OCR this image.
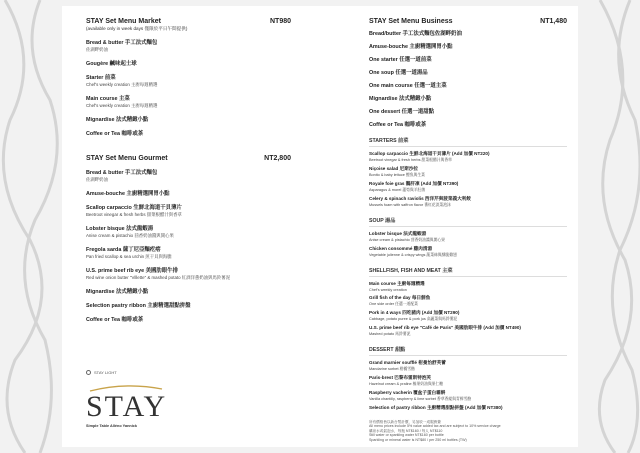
STAY Set Menu Market	NT980
(available only in week days 僅限於平日午間提供)
Bread & butter 手工法式麵包
佐湖畔奶油
Gougère 鹹味起士球
Starter 前菜
Chef's weekly creation 主廚每週精選
Main course 主菜
Chef's weekly creation 主廚每週精選
Mignardise 法式精緻小點
Coffee or Tea 咖啡或茶
STAY Set Menu Gourmet	NT2,800
Bread & butter 手工法式麵包
佐湖畔奶油
Amuse-bouche 主廚精選開胃小點
Scallop carpaccio 生鮮北海道干貝薄片
Beetroot vinegar & fresh herbs 甜菜根醋汁與香草
Lobster bisque 法式龍蝦湯
Anise cream & pistachio 茴香奶油醬與開心果
Fregola sarda 薩丁尼亞麵疙瘩
Pan fried scallop & sea urchin 煎干貝與海膽
U.S. prime beef rib eye 美國肋眼牛排
Red wine onion butter "Villette" & mashed potato 紅酒洋蔥奶油與馬鈴薯泥
Mignardise 法式精緻小點
Selection pastry ribbon 主廚精選甜點拼盤
Coffee or Tea 咖啡或茶
STAY LIGHT
STAY
Simple Table Alléno Yannick
STAY Set Menu Business	NT1,480
Bread/butter 手工法式麵包佐湖畔奶油
Amuse-bouche 主廚精選開胃小點
One starter 任選一道前菜
One soup 任選一道湯品
One main course 任選一道主菜
Mignardise 法式精緻小點
One dessert 任選一道甜點
Coffee or Tea 咖啡或茶
STARTERS 前菜
Scallop carpaccio 生鮮北海道干貝薄片 (Add 加價 NT220)
Beetroot vinegar & fresh herbs 甜菜根醋汁與香草
Niçoise salad 尼斯沙拉
Bonito & baby lettuce 鰹魚與生菜
Royale foie gras 鵝肝凍 (Add 加價 NT390)
Asparagus & morel 蘆筍與羊肚菌
Celery & spinach raviolis 西洋芹與菠菜義大利餃
Mussels foam with saffron flavor 番紅花淡菜泡沫
SOUP 湯品
Lobster bisque 法式龍蝦湯
Anise cream & pistachio 茴香奶油醬與開心果
Chicken consommé 雞肉清湯
Vegetable julienne & crispy wings 蔬菜絲與酥脆雞翅
SHELLFISH, FISH AND MEAT 主菜
Main course 主廚每週精選
Chef's weekly creation
Grill fish of the day 每日鮮魚
One side order 任選一道配菜
Pork in 4 ways 四吃豬肉 (Add 加價 NT290)
Cabbage, potato puree & pork jus 高麗菜與馬鈴薯泥
U.S. prime beef rib eye "Café de Paris" 美國肋眼牛排 (Add 加價 NT490)
Mashed potato 馬鈴薯泥
DESSERT 甜點
Grand marnier soufflé 柑曼怡舒芙蕾
Mandarine sorbet 柑橘雪酪
Paris-brest 巴黎布雷斯特泡芙
Hazelnut cream & praline 榛果奶油與果仁糖
Raspberry vacherin 覆盆子蛋白霜餅
Vanilla chantilly, raspberry & lime sorbet 香草香緹與青檸雪酪
Selection of pastry ribbon 主廚精選甜點拼盤 (Add 加價 NT380)
所有價格皆以新台幣計價，另加收一成服務費
All menu prices include 5% value added tax and are subject to 10% service charge
礦泉水或氣泡水，每瓶 NT$160 / 每人 NT$110
Still water or sparkling water NT$160 per bottle
Sparkling or mineral water is NT$80 / per 250 ml bottles (TW)
